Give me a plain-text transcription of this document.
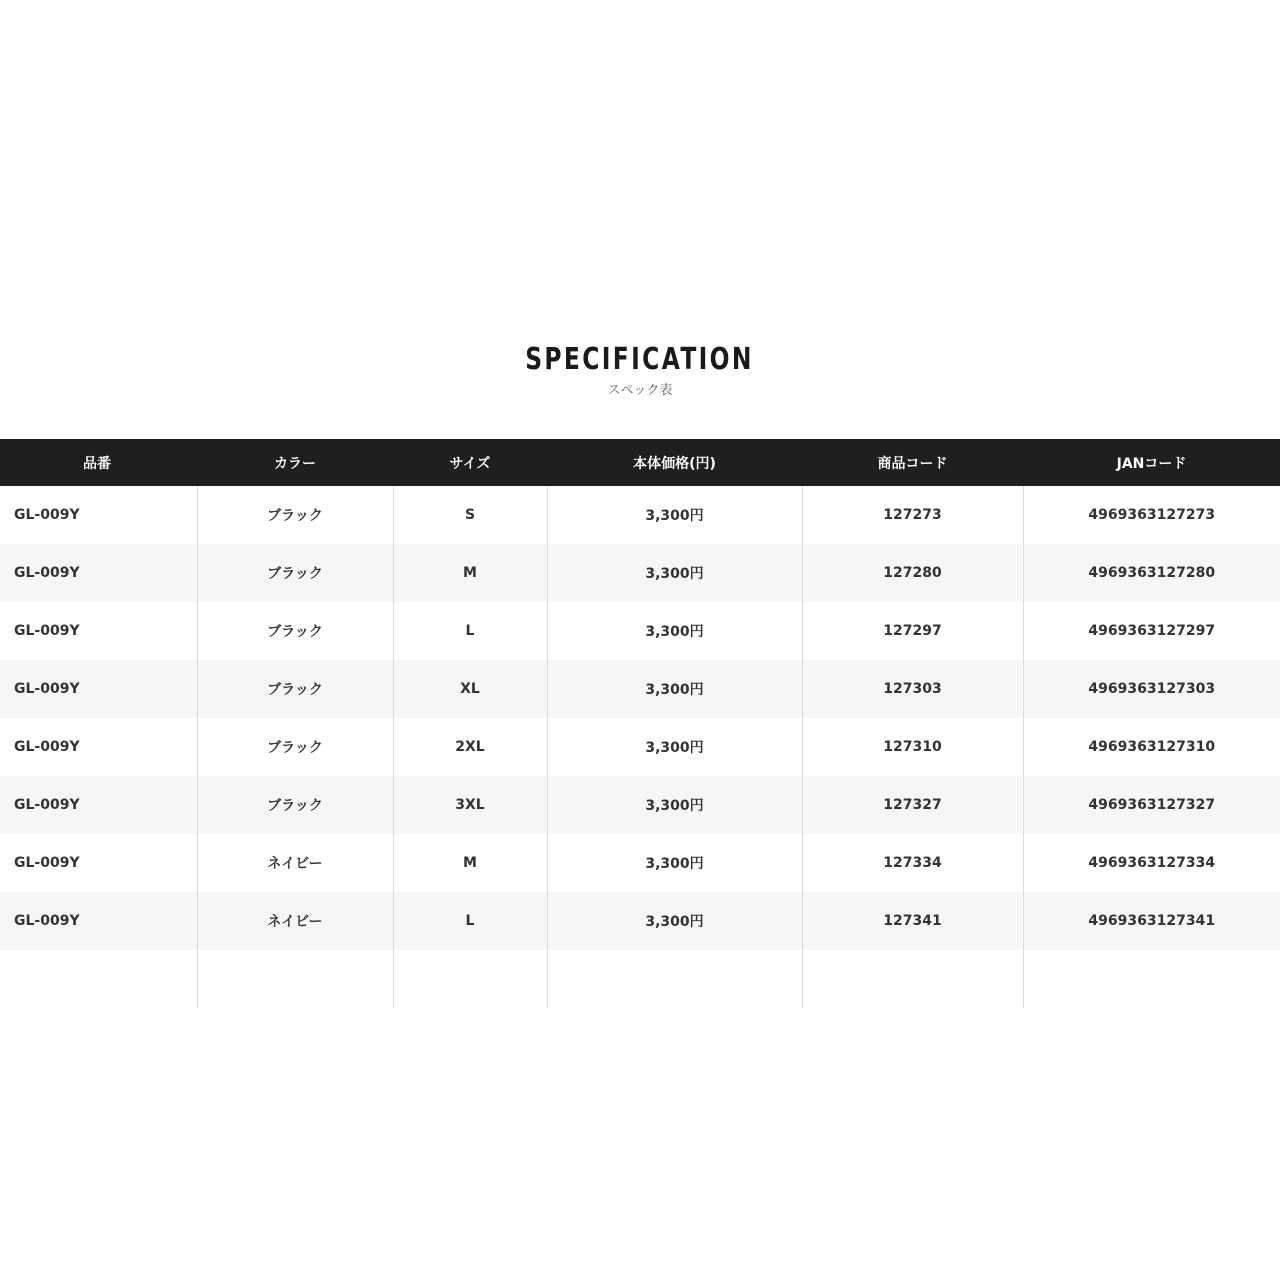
SPECIFICATION
スペック表
品番	カラー	サイズ	本体価格(円)	商品コード	JANコード
GL-009Y	ブラック	S	3,300円	127273	4969363127273
GL-009Y	ブラック	M	3,300円	127280	4969363127280
GL-009Y	ブラック	L	3,300円	127297	4969363127297
GL-009Y	ブラック	XL	3,300円	127303	4969363127303
GL-009Y	ブラック	2XL	3,300円	127310	4969363127310
GL-009Y	ブラック	3XL	3,300円	127327	4969363127327
GL-009Y	ネイビー	M	3,300円	127334	4969363127334
GL-009Y	ネイビー	L	3,300円	127341	4969363127341
